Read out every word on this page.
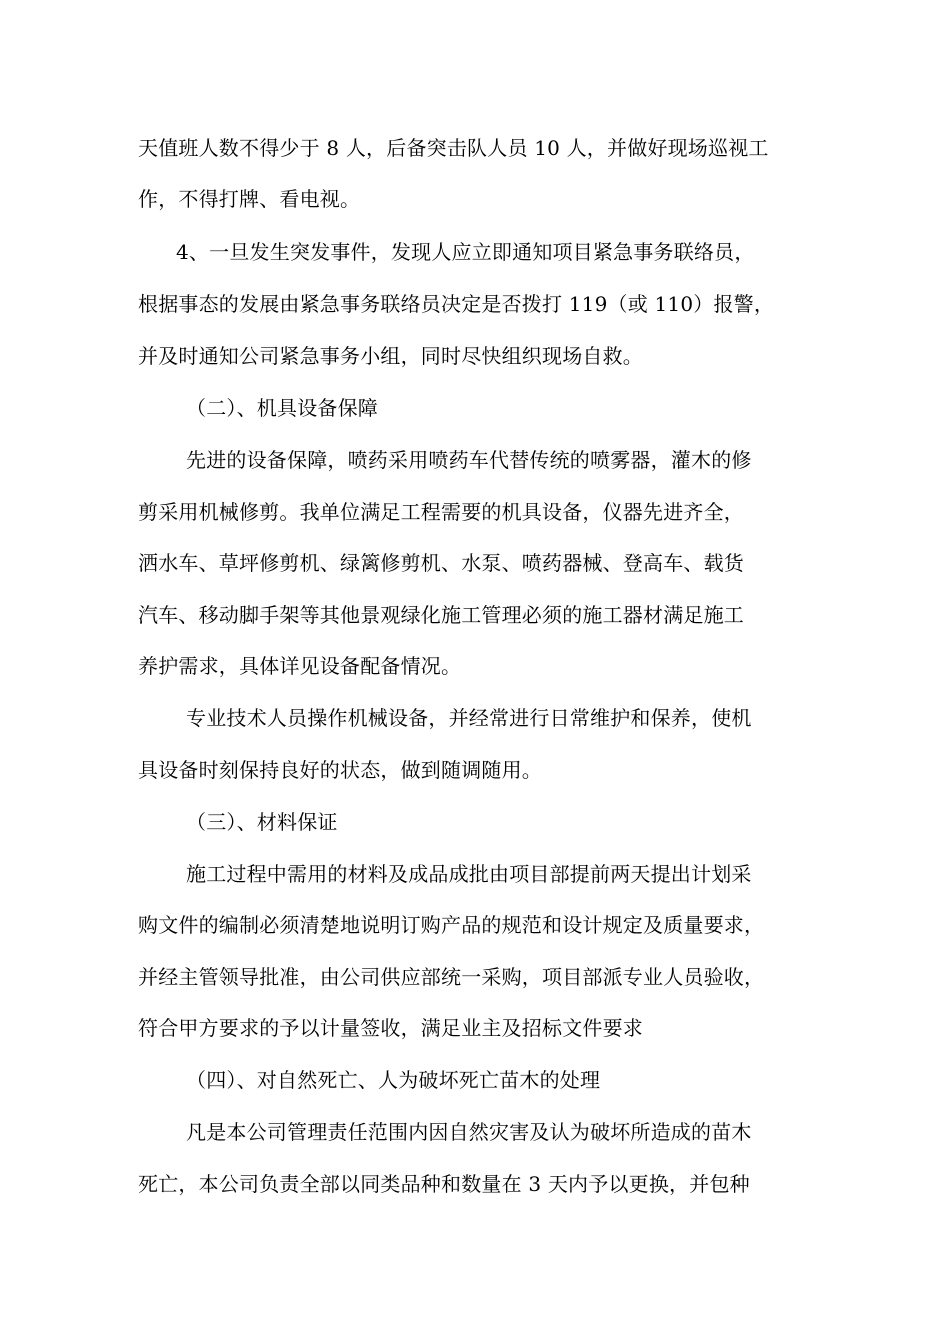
天值班人数不得少于 8 人，后备突击队人员 10 人，并做好现场巡视工
作，不得打牌、看电视。
4、一旦发生突发事件，发现人应立即通知项目紧急事务联络员，
根据事态的发展由紧急事务联络员决定是否拨打 119（或 110）报警，
并及时通知公司紧急事务小组，同时尽快组织现场自救。
（二）、机具设备保障
先进的设备保障，喷药采用喷药车代替传统的喷雾器，灌木的修
剪采用机械修剪。我单位满足工程需要的机具设备，仪器先进齐全，
洒水车、草坪修剪机、绿篱修剪机、水泵、喷药器械、登高车、载货
汽车、移动脚手架等其他景观绿化施工管理必须的施工器材满足施工
养护需求，具体详见设备配备情况。
专业技术人员操作机械设备，并经常进行日常维护和保养，使机
具设备时刻保持良好的状态，做到随调随用。
（三）、材料保证
施工过程中需用的材料及成品成批由项目部提前两天提出计划采
购文件的编制必须清楚地说明订购产品的规范和设计规定及质量要求，
并经主管领导批准，由公司供应部统一采购，项目部派专业人员验收，
符合甲方要求的予以计量签收，满足业主及招标文件要求
（四）、对自然死亡、人为破坏死亡苗木的处理
凡是本公司管理责任范围内因自然灾害及认为破坏所造成的苗木
死亡，本公司负责全部以同类品种和数量在 3 天内予以更换，并包种
